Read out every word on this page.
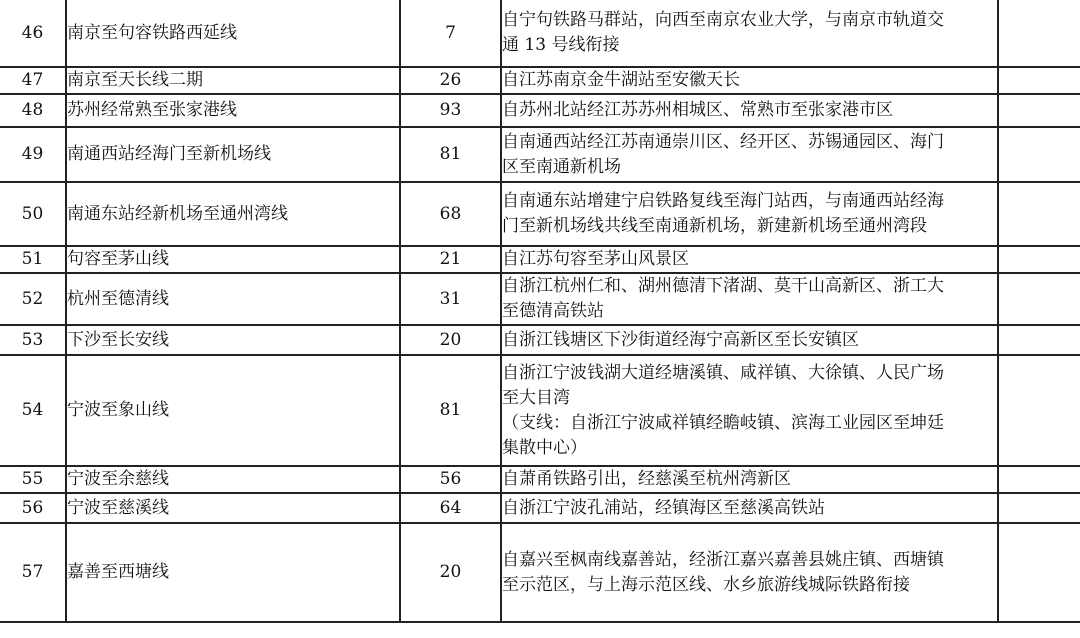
46	南京至句容铁路西延线	7	自宁句铁路马群站，向西至南京农业大学，与南京市轨道交
通 13 号线衔接	

47	南京至天长线二期	26	自江苏南京金牛湖站至安徽天长	

48	苏州经常熟至张家港线	93	自苏州北站经江苏苏州相城区、常熟市至张家港市区	

49	南通西站经海门至新机场线	81	自南通西站经江苏南通崇川区、经开区、苏锡通园区、海门
区至南通新机场	

50	南通东站经新机场至通州湾线	68	自南通东站增建宁启铁路复线至海门站西，与南通西站经海
门至新机场线共线至南通新机场，新建新机场至通州湾段	

51	句容至茅山线	21	自江苏句容至茅山风景区	

52	杭州至德清线	31	自浙江杭州仁和、湖州德清下渚湖、莫干山高新区、浙工大
至德清高铁站	

53	下沙至长安线	20	自浙江钱塘区下沙街道经海宁高新区至长安镇区	

54	宁波至象山线	81	自浙江宁波钱湖大道经塘溪镇、咸祥镇、大徐镇、人民广场
至大目湾
（支线：自浙江宁波咸祥镇经瞻岐镇、滨海工业园区至坤廷
集散中心）	

55	宁波至余慈线	56	自萧甬铁路引出，经慈溪至杭州湾新区	

56	宁波至慈溪线	64	自浙江宁波孔浦站，经镇海区至慈溪高铁站	

57	嘉善至西塘线	20	自嘉兴至枫南线嘉善站，经浙江嘉兴嘉善县姚庄镇、西塘镇
至示范区，与上海示范区线、水乡旅游线城际铁路衔接	
